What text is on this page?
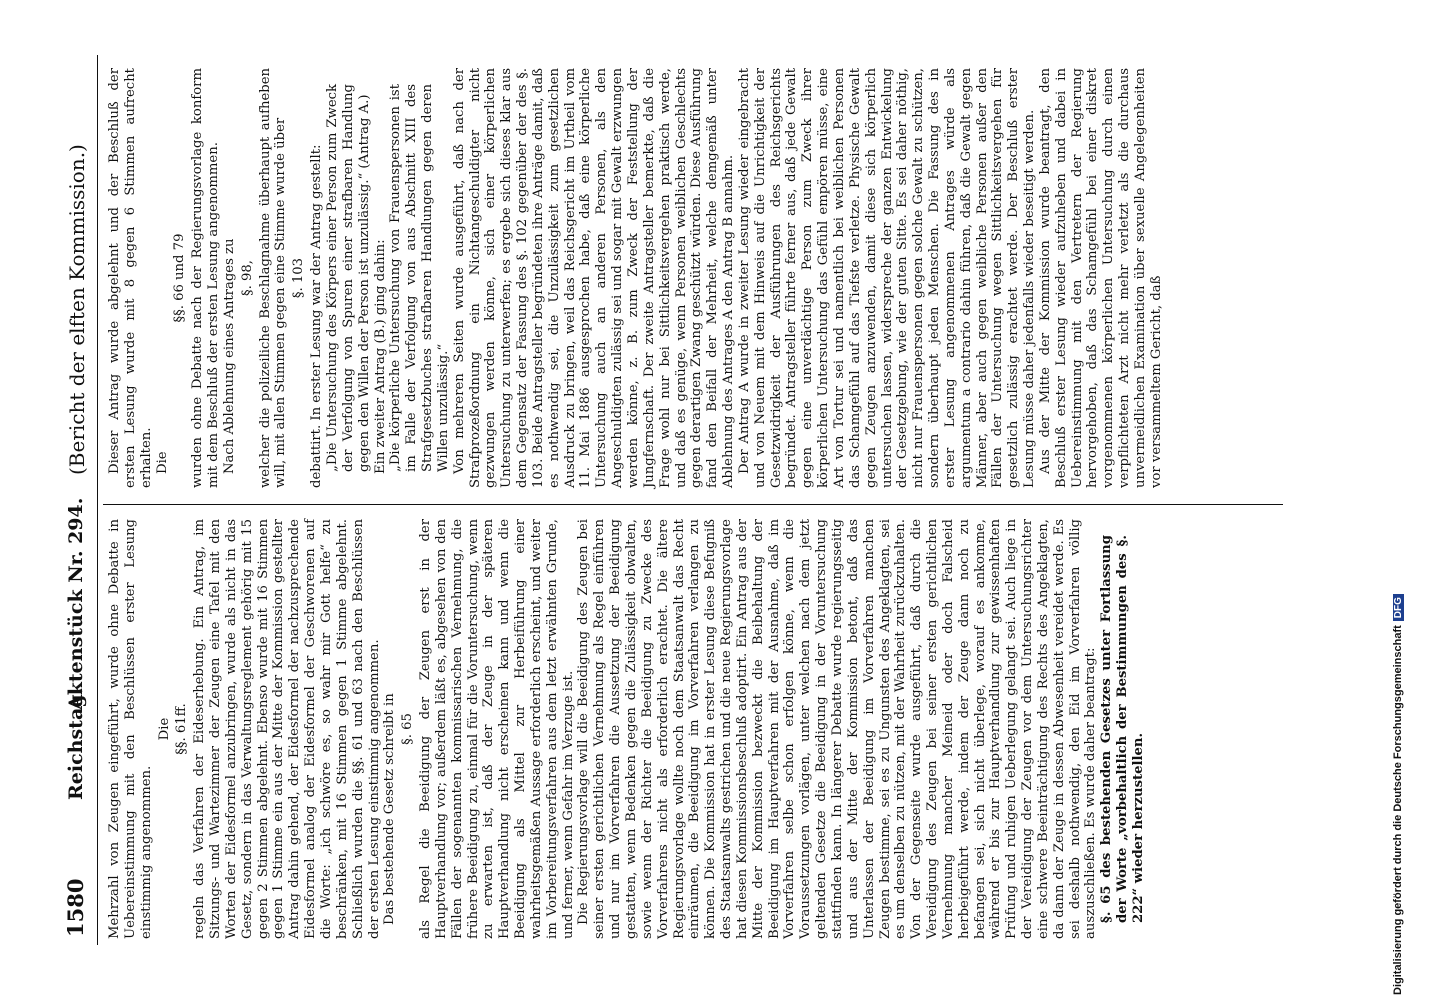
1580
Reichstag.
Aktenstück Nr. 294.
(Bericht der elften Kommission.)

Mehrzahl von Zeugen eingeführt, wurde ohne Debatte in Uebereinstimmung mit den Beschlüssen erster Lesung einstimmig angenommen.

Die §§. 61ff. regeln das Verfahren der Eideserhebung. Ein Antrag, im Sitzungs- und Wartezimmer der Zeugen eine Tafel mit den Worten der Eidesformel anzubringen, wurde als nicht in das Gesetz, sondern in das Verwaltungsreglement gehörig mit 15 gegen 2 Stimmen abgelehnt. Ebenso wurde mit 16 Stimmen gegen 1 Stimme ein aus der Mitte der Kommission gestellter Antrag dahin gehend, der Eidesformel der nachzusprechende Eidesformel analog der Eidesformel der Geschworenen auf die Worte: „ich schwöre es, so wahr mir Gott helfe“ zu beschränken, mit 16 Stimmen gegen 1 Stimme abgelehnt. Schließlich wurden die §§. 61 und 63 nach den Beschlüssen der ersten Lesung einstimmig angenommen. Das bestehende Gesetz schreibt in §. 65 als Regel die Beeidigung der Zeugen erst in der Hauptverhandlung vor; außerdem läßt es, abgesehen von den Fällen der sogenannten kommissarischen Vernehmung, die frühere Beeidigung zu, einmal für die Voruntersuchung, wenn zu erwarten ist, daß der Zeuge in der späteren Hauptverhandlung nicht erscheinen kann und wenn die Beeidigung als Mittel zur Herbeiführung einer wahrheitsgemäßen Aussage erforderlich erscheint, und weiter im Vorbereitungsverfahren aus dem letzt erwähnten Grunde, und ferner, wenn Gefahr im Verzuge ist. Die Regierungsvorlage will die Beeidigung des Zeugen bei seiner ersten gerichtlichen Vernehmung als Regel einführen und nur im Vorverfahren die Aussetzung der Beeidigung gestatten, wenn Bedenken gegen die Zulässigkeit obwalten, sowie wenn der Richter die Beeidigung zu Zwecke des Vorverfahrens nicht als erforderlich erachtet. Die ältere Regierungsvorlage wollte noch dem Staatsanwalt das Recht einräumen, die Beeidigung im Vorverfahren verlangen zu können. Die Kommission hat in erster Lesung diese Befugniß des Staatsanwalts gestrichen und die neue Regierungsvorlage hat diesen Kommissionsbeschluß adoptirt. Ein Antrag aus der Mitte der Kommission bezweckt die Beibehaltung der Beeidigung im Hauptverfahren mit der Ausnahme, daß im Vorverfahren selbe schon erfolgen könne, wenn die Voraussetzungen vorlägen, unter welchen nach dem jetzt geltenden Gesetze die Beeidigung in der Voruntersuchung stattfinden kann. In längerer Debatte wurde regierungsseitig und aus der Mitte der Kommission betont, daß das Unterlassen der Beeidigung im Vorverfahren manchen Zeugen bestimme, sei es zu Ungunsten des Angeklagten, sei es um denselben zu nützen, mit der Wahrheit zurückzuhalten. Von der Gegenseite wurde ausgeführt, daß durch die Vereidigung des Zeugen bei seiner ersten gerichtlichen Vernehmung mancher Meineid oder doch Falscheid herbeigeführt werde, indem der Zeuge dann noch zu befangen sei, sich nicht überlege, worauf es ankomme, während er bis zur Hauptverhandlung zur gewissenhaften Prüfung und ruhigen Ueberlegung gelangt sei. Auch liege in der Vereidigung der Zeugen vor dem Untersuchungsrichter eine schwere Beeinträchtigung des Rechts des Angeklagten, da dann der Zeuge in dessen Abwesenheit vereidet werde. Es sei deshalb nothwendig, den Eid im Vorverfahren völlig auszuschließen. Es wurde daher beantragt: §. 65 des bestehenden Gesetzes unter Fortlassung der Worte „vorbehaltlich der Bestimmungen des §. 222“ wieder herzustellen.

Dieser Antrag wurde abgelehnt und der Beschluß der ersten Lesung wurde mit 8 gegen 6 Stimmen aufrecht erhalten. Die

§§. 66 und 79 wurden ohne Debatte nach der Regierungsvorlage konform mit dem Beschluß der ersten Lesung angenommen. Nach Ablehnung eines Antrages zu §. 98, welcher die polizeiliche Beschlagnahme überhaupt aufheben will, mit allen Stimmen gegen eine Stimme wurde über §. 103 debattirt. In erster Lesung war der Antrag gestellt: „Die Untersuchung des Körpers einer Person zum Zweck der Verfolgung von Spuren einer strafbaren Handlung gegen den Willen der Person ist unzulässig.“ (Antrag A.) Ein zweiter Antrag (B.) ging dahin: „Die körperliche Untersuchung von Frauenspersonen ist im Falle der Verfolgung von aus Abschnitt XIII des Strafgesetzbuches strafbaren Handlungen gegen deren Willen unzulässig.“ Von mehreren Seiten wurde ausgeführt, daß nach der Strafprozeßordnung ein Nichtangeschuldigter nicht gezwungen werden könne, sich einer körperlichen Untersuchung zu unterwerfen; es ergebe sich dieses klar aus dem Gegensatz der Fassung des §. 102 gegenüber der des §. 103. Beide Antragsteller begründeten ihre Anträge damit, daß es nothwendig sei, die Unzulässigkeit zum gesetzlichen Ausdruck zu bringen, weil das Reichsgericht im Urtheil vom 11. Mai 1886 ausgesprochen habe, daß eine körperliche Untersuchung auch an anderen Personen, als den Angeschuldigten zulässig sei und sogar mit Gewalt erzwungen werden könne, z. B. zum Zweck der Feststellung der Jungfernschaft. Der zweite Antragsteller bemerkte, daß die Frage wohl nur bei Sittlichkeitsvergehen praktisch werde, und daß es genüge, wenn Personen weiblichen Geschlechts gegen derartigen Zwang geschützt würden. Diese Ausführung fand den Beifall der Mehrheit, welche demgemäß unter Ablehnung des Antrages A den Antrag B annahm. Der Antrag A wurde in zweiter Lesung wieder eingebracht und von Neuem mit dem Hinweis auf die Unrichtigkeit der Gesetzwidrigkeit der Ausführungen des Reichsgerichts begründet. Antragsteller führte ferner aus, daß jede Gewalt gegen eine unverdächtige Person zum Zweck ihrer körperlichen Untersuchung das Gefühl empören müsse, eine Art von Tortur sei und namentlich bei weiblichen Personen das Schamgefühl auf das Tiefste verletze. Physische Gewalt gegen Zeugen anzuwenden, damit diese sich körperlich untersuchen lassen, widerspreche der ganzen Entwickelung der Gesetzgebung, wie der guten Sitte. Es sei daher nöthig, nicht nur Frauenspersonen gegen solche Gewalt zu schützen, sondern überhaupt jeden Menschen. Die Fassung des in erster Lesung angenommenen Antrages würde als argumentum a contrario dahin führen, daß die Gewalt gegen Männer, aber auch gegen weibliche Personen außer den Fällen der Untersuchung wegen Sittlichkeitsvergehen für gesetzlich zulässig erachtet werde. Der Beschluß erster Lesung müsse daher jedenfalls wieder beseitigt werden. Aus der Mitte der Kommission wurde beantragt, den Beschluß erster Lesung wieder aufzuheben und dabei in Uebereinstimmung mit den Vertretern der Regierung hervorgehoben, daß das Schamgefühl bei einer diskret vorgenommenen körperlichen Untersuchung durch einen verpflichteten Arzt nicht mehr verletzt als die durchaus unvermeidlichen Examination über sexuelle Angelegenheiten vor versammeltem Gericht, daß

Digitalisierung gefördert durch die Deutsche ForschungsgemeinschaftDFG
